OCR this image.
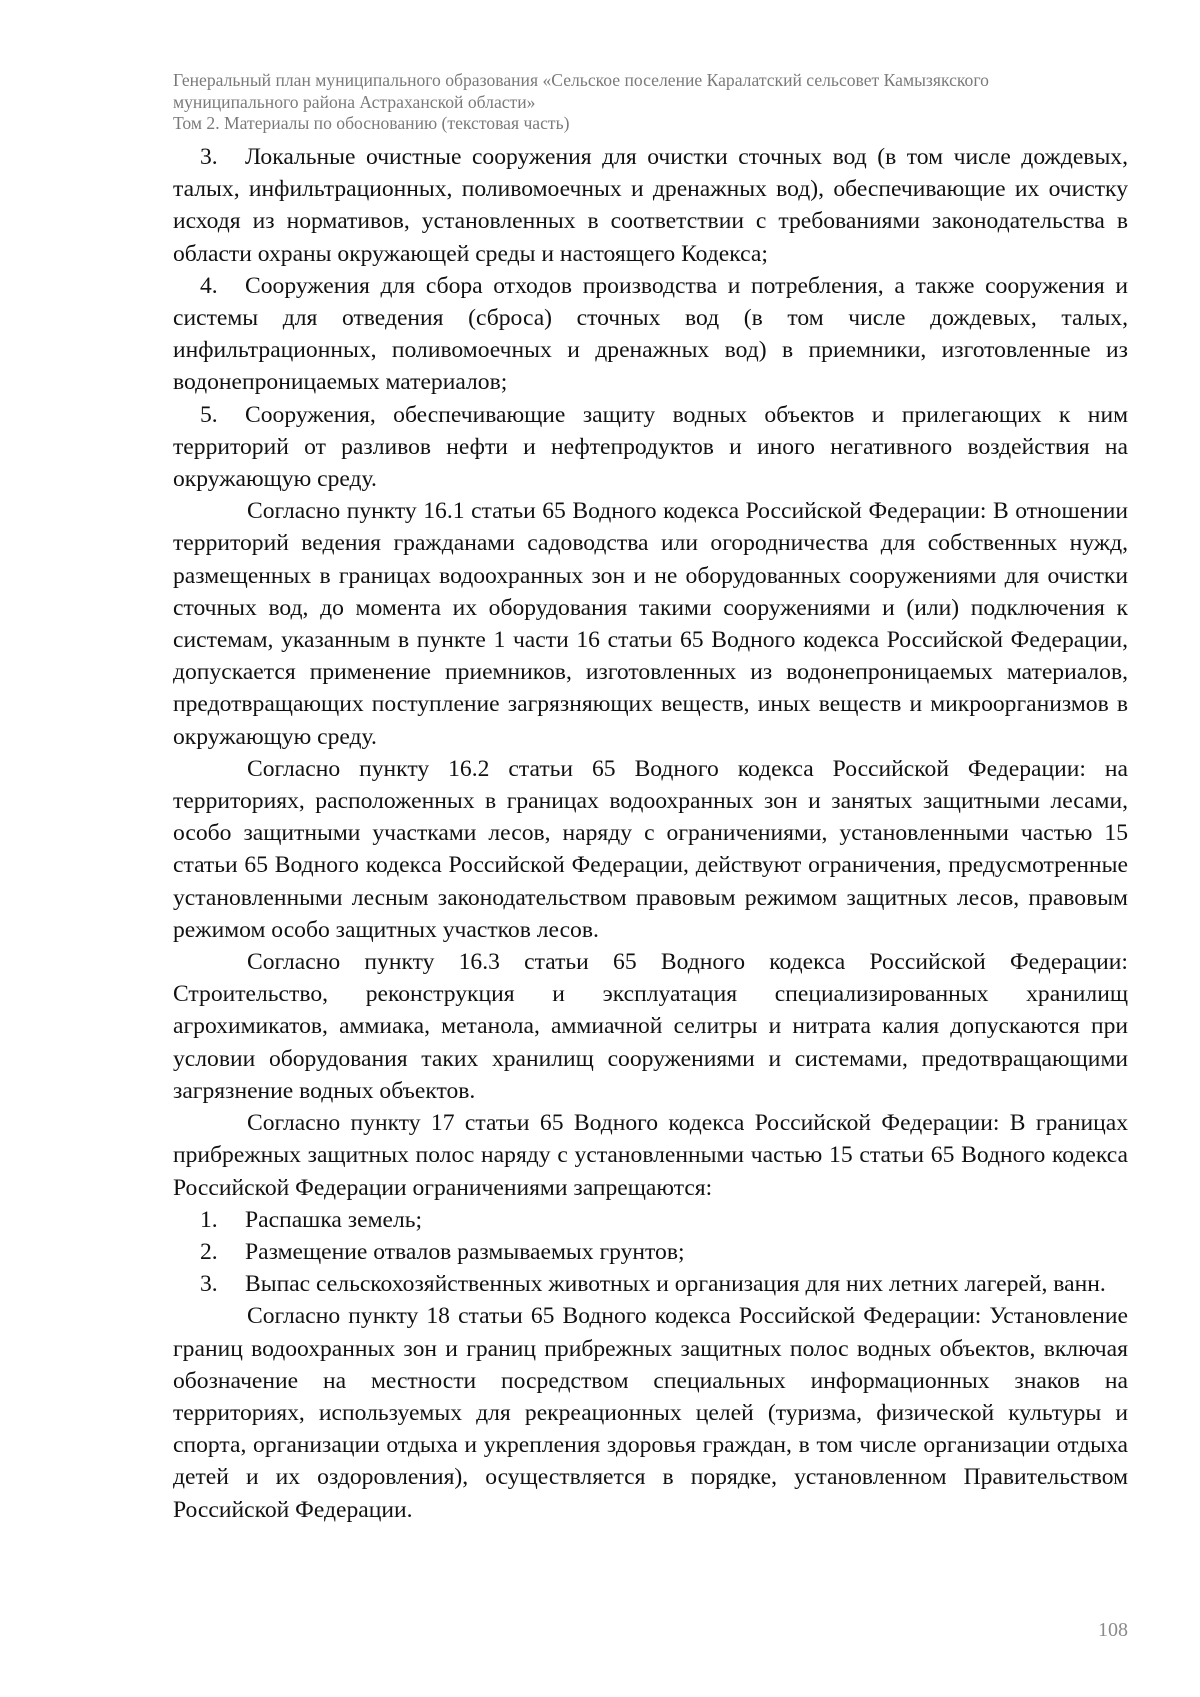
Генеральный план муниципального образования «Сельское поселение Каралатский сельсовет Камызякского
муниципального района Астраханской области»
Том 2. Материалы по обоснованию (текстовая часть)

3. Локальные очистные сооружения для очистки сточных вод (в том числе дождевых, талых, инфильтрационных, поливомоечных и дренажных вод), обеспечивающие их очистку исходя из нормативов, установленных в соответствии с требованиями законодательства в области охраны окружающей среды и настоящего Кодекса;

4. Сооружения для сбора отходов производства и потребления, а также сооружения и системы для отведения (сброса) сточных вод (в том числе дождевых, талых, инфильтрационных, поливомоечных и дренажных вод) в приемники, изготовленные из водонепроницаемых материалов;

5. Сооружения, обеспечивающие защиту водных объектов и прилегающих к ним территорий от разливов нефти и нефтепродуктов и иного негативного воздействия на окружающую среду.

Согласно пункту 16.1 статьи 65 Водного кодекса Российской Федерации: В отношении территорий ведения гражданами садоводства или огородничества для собственных нужд, размещенных в границах водоохранных зон и не оборудованных сооружениями для очистки сточных вод, до момента их оборудования такими сооружениями и (или) подключения к системам, указанным в пункте 1 части 16 статьи 65 Водного кодекса Российской Федерации, допускается применение приемников, изготовленных из водонепроницаемых материалов, предотвращающих поступление загрязняющих веществ, иных веществ и микроорганизмов в окружающую среду.

Согласно пункту 16.2 статьи 65 Водного кодекса Российской Федерации: на территориях, расположенных в границах водоохранных зон и занятых защитными лесами, особо защитными участками лесов, наряду с ограничениями, установленными частью 15 статьи 65 Водного кодекса Российской Федерации, действуют ограничения, предусмотренные установленными лесным законодательством правовым режимом защитных лесов, правовым режимом особо защитных участков лесов.

Согласно пункту 16.3 статьи 65 Водного кодекса Российской Федерации: Строительство, реконструкция и эксплуатация специализированных хранилищ агрохимикатов, аммиака, метанола, аммиачной селитры и нитрата калия допускаются при условии оборудования таких хранилищ сооружениями и системами, предотвращающими загрязнение водных объектов.

Согласно пункту 17 статьи 65 Водного кодекса Российской Федерации: В границах прибрежных защитных полос наряду с установленными частью 15 статьи 65 Водного кодекса Российской Федерации ограничениями запрещаются:

1. Распашка земель;

2. Размещение отвалов размываемых грунтов;

3. Выпас сельскохозяйственных животных и организация для них летних лагерей, ванн.

Согласно пункту 18 статьи 65 Водного кодекса Российской Федерации: Установление границ водоохранных зон и границ прибрежных защитных полос водных объектов, включая обозначение на местности посредством специальных информационных знаков на территориях, используемых для рекреационных целей (туризма, физической культуры и спорта, организации отдыха и укрепления здоровья граждан, в том числе организации отдыха детей и их оздоровления), осуществляется в порядке, установленном Правительством Российской Федерации.

108
